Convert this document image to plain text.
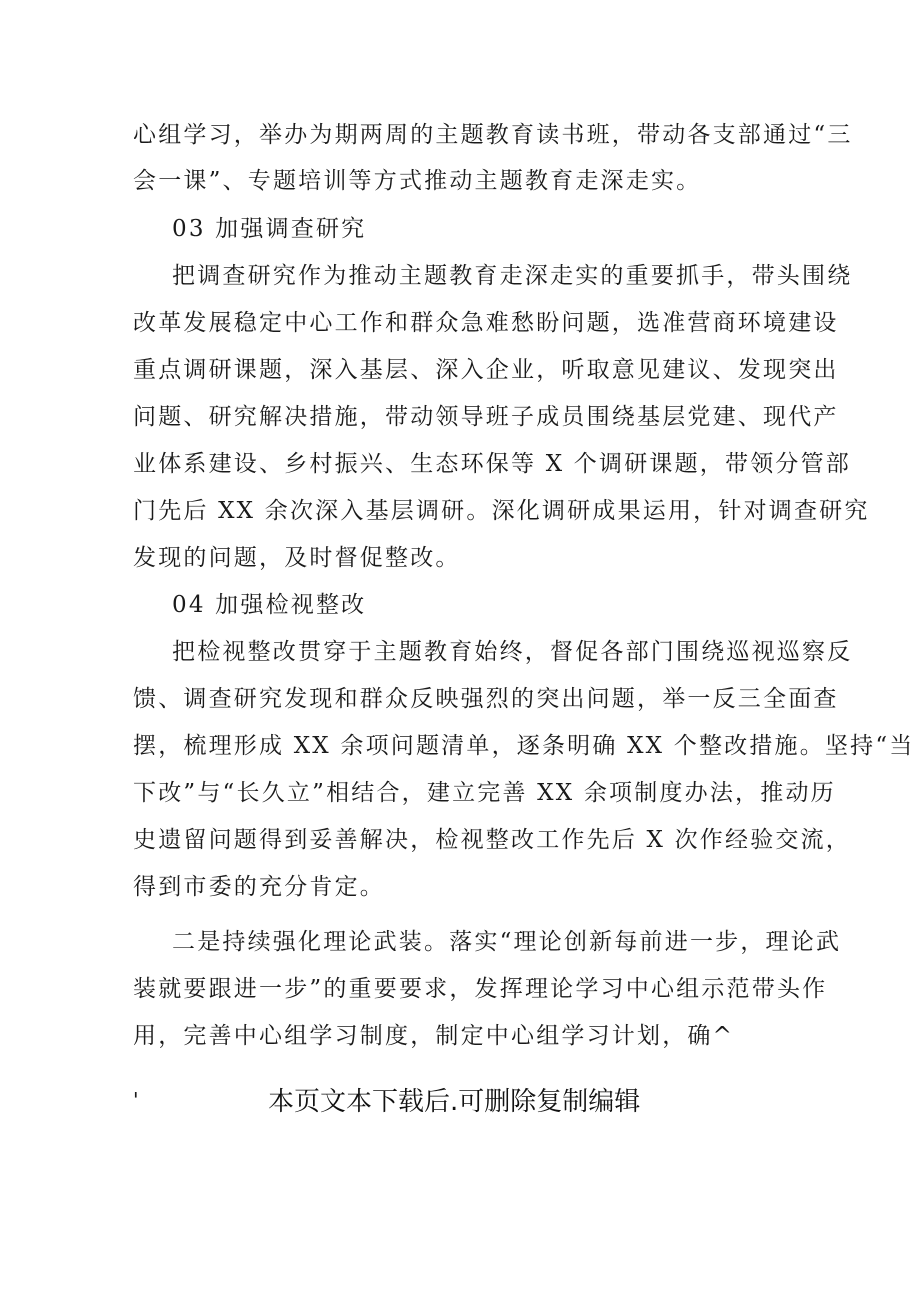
心组学习，举办为期两周的主题教育读书班，带动各支部通过“三
会一课”、专题培训等方式推动主题教育走深走实。
03 加强调查研究
把调查研究作为推动主题教育走深走实的重要抓手，带头围绕
改革发展稳定中心工作和群众急难愁盼问题，选准营商环境建设
重点调研课题，深入基层、深入企业，听取意见建议、发现突出
问题、研究解决措施，带动领导班子成员围绕基层党建、现代产
业体系建设、乡村振兴、生态环保等 X 个调研课题，带领分管部
门先后 XX 余次深入基层调研。深化调研成果运用，针对调查研究
发现的问题，及时督促整改。
04 加强检视整改
把检视整改贯穿于主题教育始终，督促各部门围绕巡视巡察反
馈、调查研究发现和群众反映强烈的突出问题，举一反三全面查
摆，梳理形成 XX 余项问题清单，逐条明确 XX 个整改措施。坚持“当
下改”与“长久立”相结合，建立完善 XX 余项制度办法，推动历
史遗留问题得到妥善解决，检视整改工作先后 X 次作经验交流，
得到市委的充分肯定。
二是持续强化理论武装。落实“理论创新每前进一步，理论武
装就要跟进一步”的重要要求，发挥理论学习中心组示范带头作
用，完善中心组学习制度，制定中心组学习计划，确^
'	本页文本下载后.可删除复制编辑
